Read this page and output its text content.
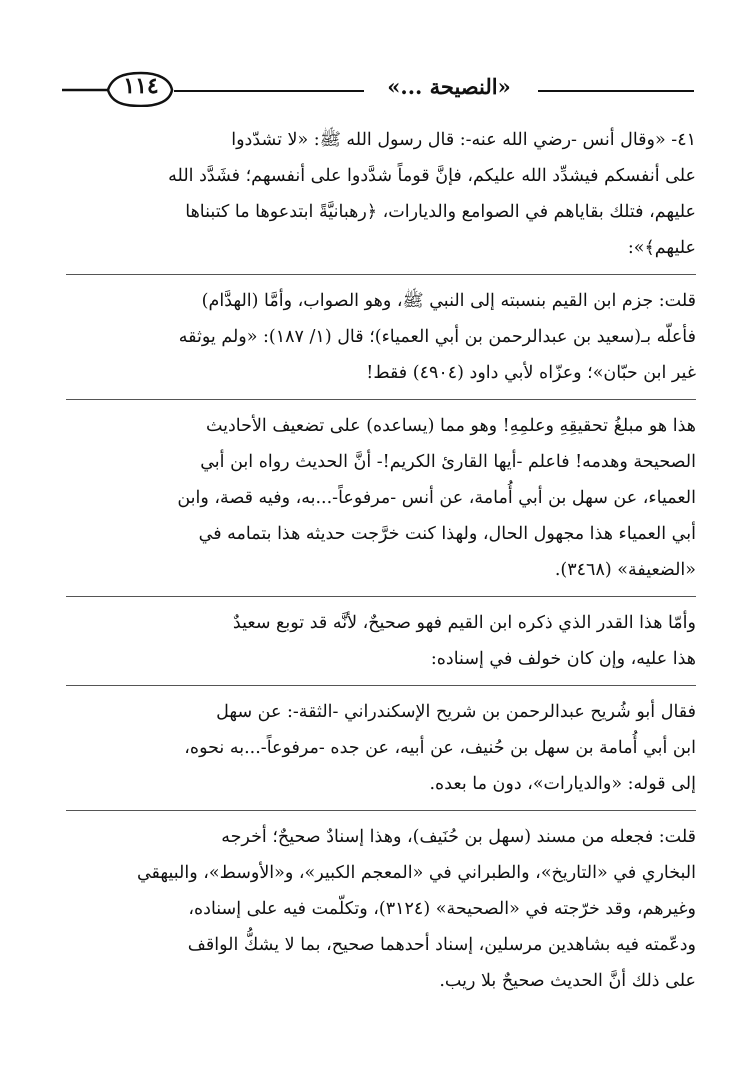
«النصيحة ...»
١١٤
٤١- «وقال أنس -رضي الله عنه-: قال رسول الله ﷺ: «لا تشدّدوا
على أنفسكم فيشدِّد الله عليكم، فإنَّ قوماً شدَّدوا على أنفسهم؛ فشَدَّد الله
عليهم، فتلك بقاياهم في الصوامع والديارات، ﴿رهبانيَّةً ابتدعوها ما كتبناها
عليهم﴾»:
قلت: جزم ابن القيم بنسبته إلى النبي ﷺ، وهو الصواب، وأمَّا (الهدَّام)
فأعلّه بـ(سعيد بن عبدالرحمن بن أبي العمياء)؛ قال (١/ ١٨٧): «ولم يوثقه
غير ابن حبّان»؛ وعزّاه لأبي داود (٤٩٠٤) فقط!
هذا هو مبلغُ تحقيقِهِ وعلمِهِ! وهو مما (يساعده) على تضعيف الأحاديث
الصحيحة وهدمه! فاعلم -أيها القارئ الكريم!- أنَّ الحديث رواه ابن أبي
العمياء، عن سهل بن أبي أُمامة، عن أنس -مرفوعاً-...به، وفيه قصة، وابن
أبي العمياء هذا مجهول الحال، ولهذا كنت خرَّجت حديثه هذا بتمامه في
«الضعيفة» (٣٤٦٨).
وأمّا هذا القدر الذي ذكره ابن القيم فهو صحيحٌ، لأنَّه قد توبع سعيدٌ
هذا عليه، وإن كان خولف في إسناده:
فقال أبو شُريح عبدالرحمن بن شريح الإسكندراني -الثقة-: عن سهل
ابن أبي أُمامة بن سهل بن حُنيف، عن أبيه، عن جده -مرفوعاً-...به نحوه،
إلى قوله: «والديارات»، دون ما بعده.
قلت: فجعله من مسند (سهل بن حُنَيف)، وهذا إسنادٌ صحيحٌ؛ أخرجه
البخاري في «التاريخ»، والطبراني في «المعجم الكبير»، و«الأوسط»، والبيهقي
وغيرهم، وقد خرّجته في «الصحيحة» (٣١٢٤)، وتكلّمت فيه على إسناده،
ودعّمته فيه بشاهدين مرسلين، إسناد أحدهما صحيح، بما لا يشكُّ الواقف
على ذلك أنَّ الحديث صحيحٌ بلا ريب.
